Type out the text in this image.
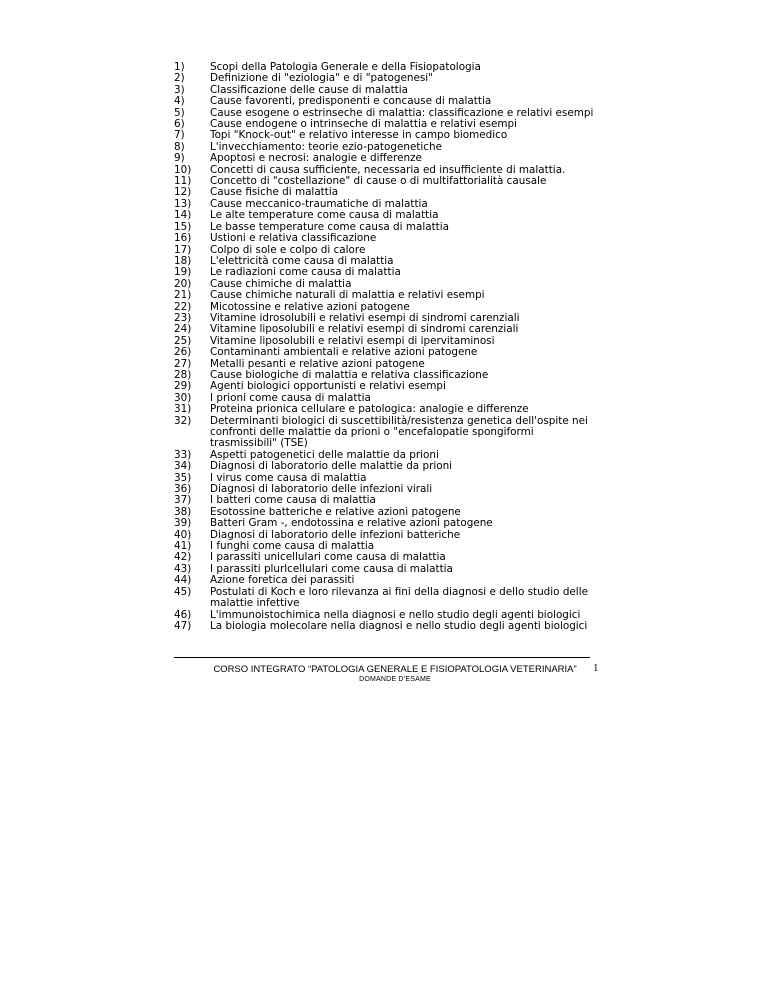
1)	Scopi della Patologia Generale e della Fisiopatologia
2)	Definizione di "eziologia" e di "patogenesi"
3)	Classificazione delle cause di malattia
4)	Cause favorenti, predisponenti e concause di malattia
5)	Cause esogene o estrinseche di malattia: classificazione e relativi esempi
6)	Cause endogene o intrinseche di malattia e relativi esempi
7)	Topi "Knock-out" e relativo interesse in campo biomedico
8)	L'invecchiamento: teorie ezio-patogenetiche
9)	Apoptosi e necrosi: analogie e differenze
10)	Concetti di causa sufficiente, necessaria ed insufficiente di malattia.
11)	Concetto di "costellazione" di cause o di multifattorialità causale
12)	Cause fisiche di malattia
13)	Cause meccanico-traumatiche di malattia
14)	Le alte temperature come causa di malattia
15)	Le basse temperature come causa di malattia
16)	Ustioni e relativa classificazione
17)	Colpo di sole e colpo di calore
18)	L'elettricità come causa di malattia
19)	Le radiazioni come causa di malattia
20)	Cause chimiche di malattia
21)	Cause chimiche naturali di malattia e relativi esempi
22)	Micotossine e relative azioni patogene
23)	Vitamine idrosolubili e relativi esempi di sindromi carenziali
24)	Vitamine liposolubili e relativi esempi di sindromi carenziali
25)	Vitamine liposolubili e relativi esempi di ipervitaminosi
26)	Contaminanti ambientali e relative azioni patogene
27)	Metalli pesanti e relative azioni patogene
28)	Cause biologiche di malattia e relativa classificazione
29)	Agenti biologici opportunisti e relativi esempi
30)	I prioni come causa di malattia
31)	Proteina prionica cellulare e patologica: analogie e differenze
32)	Determinanti biologici di suscettibilità/resistenza genetica dell'ospite nei confronti delle malattie da prioni o "encefalopatie spongiformi trasmissibili" (TSE)
33)	Aspetti patogenetici delle malattie da prioni
34)	Diagnosi di laboratorio delle malattie da prioni
35)	I virus come causa di malattia
36)	Diagnosi di laboratorio delle infezioni virali
37)	I batteri come causa di malattia
38)	Esotossine batteriche e relative azioni patogene
39)	Batteri Gram -, endotossina e relative azioni patogene
40)	Diagnosi di laboratorio delle infezioni batteriche
41)	I funghi come causa di malattia
42)	I parassiti unicellulari come causa di malattia
43)	I parassiti plurlcellulari come causa di malattia
44)	Azione foretica dei parassiti
45)	Postulati di Koch e loro rilevanza ai fini della diagnosi e dello studio delle malattie infettive
46)	L'immunoistochimica nella diagnosi e nello studio degli agenti biologici
47)	La biologia molecolare nella diagnosi e nello studio degli agenti biologici
CORSO INTEGRATO “PATOLOGIA GENERALE E FISIOPATOLOGIA VETERINARIA”
DOMANDE D’ESAME
1
